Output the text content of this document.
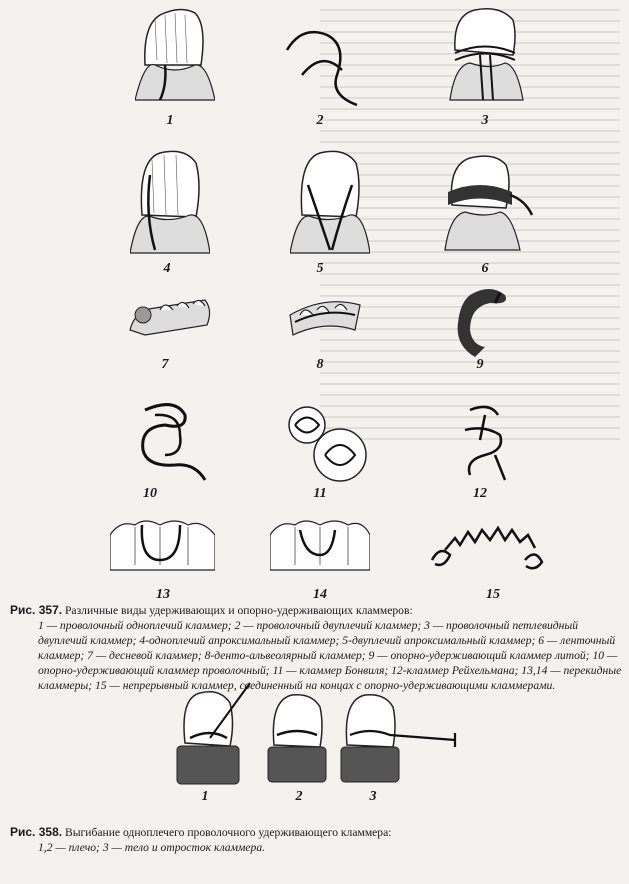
1	2	3
4	5	6
7	8	9
10	11	12
13	14	15
Рис. 357. Различные виды удерживающих и опорно-удерживающих кламмеров:
1 — проволочный одноплечий кламмер; 2 — проволочный двуплечий кламмер; 3 — проволочный петлевидный двуплечий кламмер; 4-одноплечий апроксимальный кламмер; 5-двуплечий апроксимальный кламмер; 6 — ленточный кламмер; 7 — десневой кламмер; 8-денто-альвеолярный кламмер; 9 — опорно-удерживающий кламмер литой; 10 — опорно-удерживающий кламмер проволочный; 11 — кламмер Бонвиля; 12-кламмер Рейхельмана; 13,14 — перекидные кламмеры; 15 — непрерывный кламмер, соединенный на концах с опорно-удерживающими кламмерами.
1	2	3
Рис. 358. Выгибание одноплечего проволочного удерживающего кламмера:
1,2 — плечо; 3 — тело и отросток кламмера.
